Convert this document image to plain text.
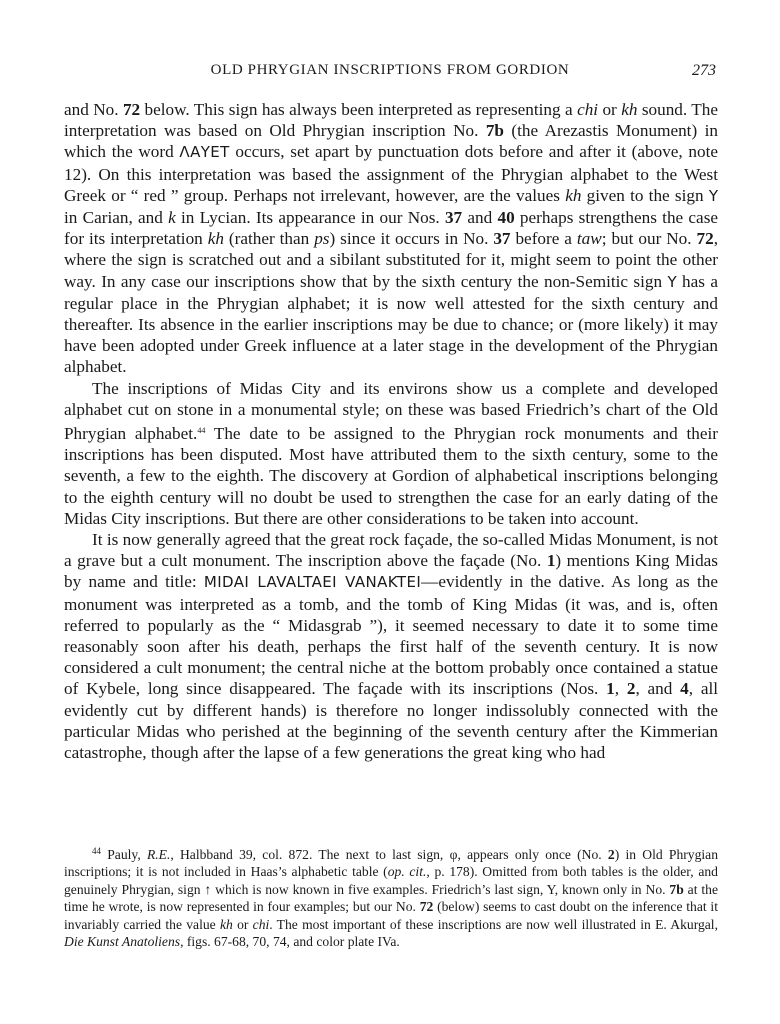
OLD PHRYGIAN INSCRIPTIONS FROM GORDION	273

and No. 72 below. This sign has always been interpreted as representing a chi or kh sound. The interpretation was based on Old Phrygian inscription No. 7b (the Arezastis Monument) in which the word ΛΑΥΕΤ occurs, set apart by punctuation dots before and after it (above, note 12). On this interpretation was based the assignment of the Phrygian alphabet to the West Greek or “ red ” group. Perhaps not irrelevant, however, are the values kh given to the sign Y in Carian, and k in Lycian. Its appearance in our Nos. 37 and 40 perhaps strengthens the case for its interpretation kh (rather than ps) since it occurs in No. 37 before a taw; but our No. 72, where the sign is scratched out and a sibilant substituted for it, might seem to point the other way. In any case our inscriptions show that by the sixth century the non-Semitic sign Y has a regular place in the Phrygian alphabet; it is now well attested for the sixth century and thereafter. Its absence in the earlier inscriptions may be due to chance; or (more likely) it may have been adopted under Greek influence at a later stage in the development of the Phrygian alphabet.

The inscriptions of Midas City and its environs show us a complete and developed alphabet cut on stone in a monumental style; on these was based Friedrich’s chart of the Old Phrygian alphabet.$^{44}$ The date to be assigned to the Phrygian rock monuments and their inscriptions has been disputed. Most have attributed them to the sixth century, some to the seventh, a few to the eighth. The discovery at Gordion of alphabetical inscriptions belonging to the eighth century will no doubt be used to strengthen the case for an early dating of the Midas City inscriptions. But there are other considerations to be taken into account.

It is now generally agreed that the great rock façade, the so-called Midas Monument, is not a grave but a cult monument. The inscription above the façade (No. 1) mentions King Midas by name and title: MIDAI LAVALTAEI VANAKTEI—evidently in the dative. As long as the monument was interpreted as a tomb, and the tomb of King Midas (it was, and is, often referred to popularly as the “ Midasgrab ”), it seemed necessary to date it to some time reasonably soon after his death, perhaps the first half of the seventh century. It is now considered a cult monument; the central niche at the bottom probably once contained a statue of Kybele, long since disappeared. The façade with its inscriptions (Nos. 1, 2, and 4, all evidently cut by different hands) is therefore no longer indissolubly connected with the particular Midas who perished at the beginning of the seventh century after the Kimmerian catastrophe, though after the lapse of a few generations the great king who had

$^{44}$ Pauly, R.E., Halbband 39, col. 872. The next to last sign, φ, appears only once (No. 2) in Old Phrygian inscriptions; it is not included in Haas’s alphabetic table (op. cit., p. 178). Omitted from both tables is the older, and genuinely Phrygian, sign ↑ which is now known in five examples. Friedrich’s last sign, Y, known only in No. 7b at the time he wrote, is now represented in four examples; but our No. 72 (below) seems to cast doubt on the inference that it invariably carried the value kh or chi. The most important of these inscriptions are now well illustrated in E. Akurgal, Die Kunst Anatoliens, figs. 67-68, 70, 74, and color plate IVa.
